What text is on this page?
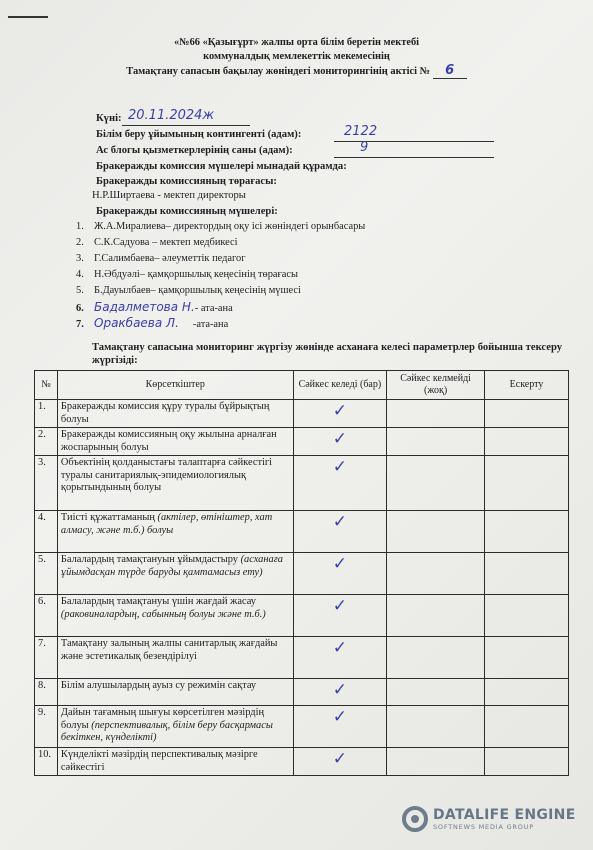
«№66 «Қазығұрт» жалпы орта білім беретін мектебі
коммуналдық мемлекеттік мекемесінің
Тамақтану сапасын бақылау жөніндегі мониторингінің актісі № 6
Күні: 20.11.2024ж
Білім беру ұйымының контингенті (адам):	2122
Ас блогы қызметкерлерінің саны (адам):	9
Бракеражды комиссия мүшелері мынадай құрамда:
Бракеражды комиссияның төрағасы:
Н.Р.Ширтаева - мектеп директоры
Бракеражды комиссияның мүшелері:
1. Ж.А.Миралиева– директордың оқу ісі жөніндегі орынбасары
2. С.К.Садуова – мектеп медбикесі
3. Г.Салимбаева– әлеуметтік педагог
4. Н.Әбдуәлі– қамқоршылық кеңесінің төрағасы
5. Б.Дауылбаев– қамқоршылық кеңесінің мүшесі
6. Бадалметова Н.- ата-ана
7. Оракбаева Л. -ата-ана
Тамақтану сапасына мониторинг жүргізу жөнінде асханаға келесі параметрлер бойынша тексеру жүргізіді:
№	Көрсеткіштер	Сәйкес келеді (бар)	Сәйкес келмейді (жоқ)	Ескерту
1.	Бракеражды комиссия құру туралы бұйрықтың болуы	✓		
2.	Бракеражды комиссияның оқу жылына арналған жоспарының болуы	✓		
3.	Объектінің қолданыстағы талаптарға сәйкестігі туралы санитариялық-эпидемиологиялық қорытындының болуы	✓		
4.	Тиісті құжаттаманың (актілер, өтініштер, хат алмасу, және т.б.) болуы	✓		
5.	Балалардың тамақтануын ұйымдастыру (асханаға ұйымдасқан түрде баруды қамтамасыз ету)	✓		
6.	Балалардың тамақтануы үшін жағдай жасау (раковиналардың, сабынның болуы және т.б.)	✓		
7.	Тамақтану залының жалпы санитарлық жағдайы және эстетикалық безендірілуі	✓		
8.	Білім алушылардың ауыз су режимін сақтау	✓		
9.	Дайын тағамның шығуы көрсетілген мәзірдің болуы (перспективалық, білім беру басқармасы бекіткен, күнделікті)	✓		
10.	Күнделікті мәзірдің перспективалық мәзірге сәйкестігі	✓		
DATALIFE ENGINE
SOFTNEWS MEDIA GROUP
